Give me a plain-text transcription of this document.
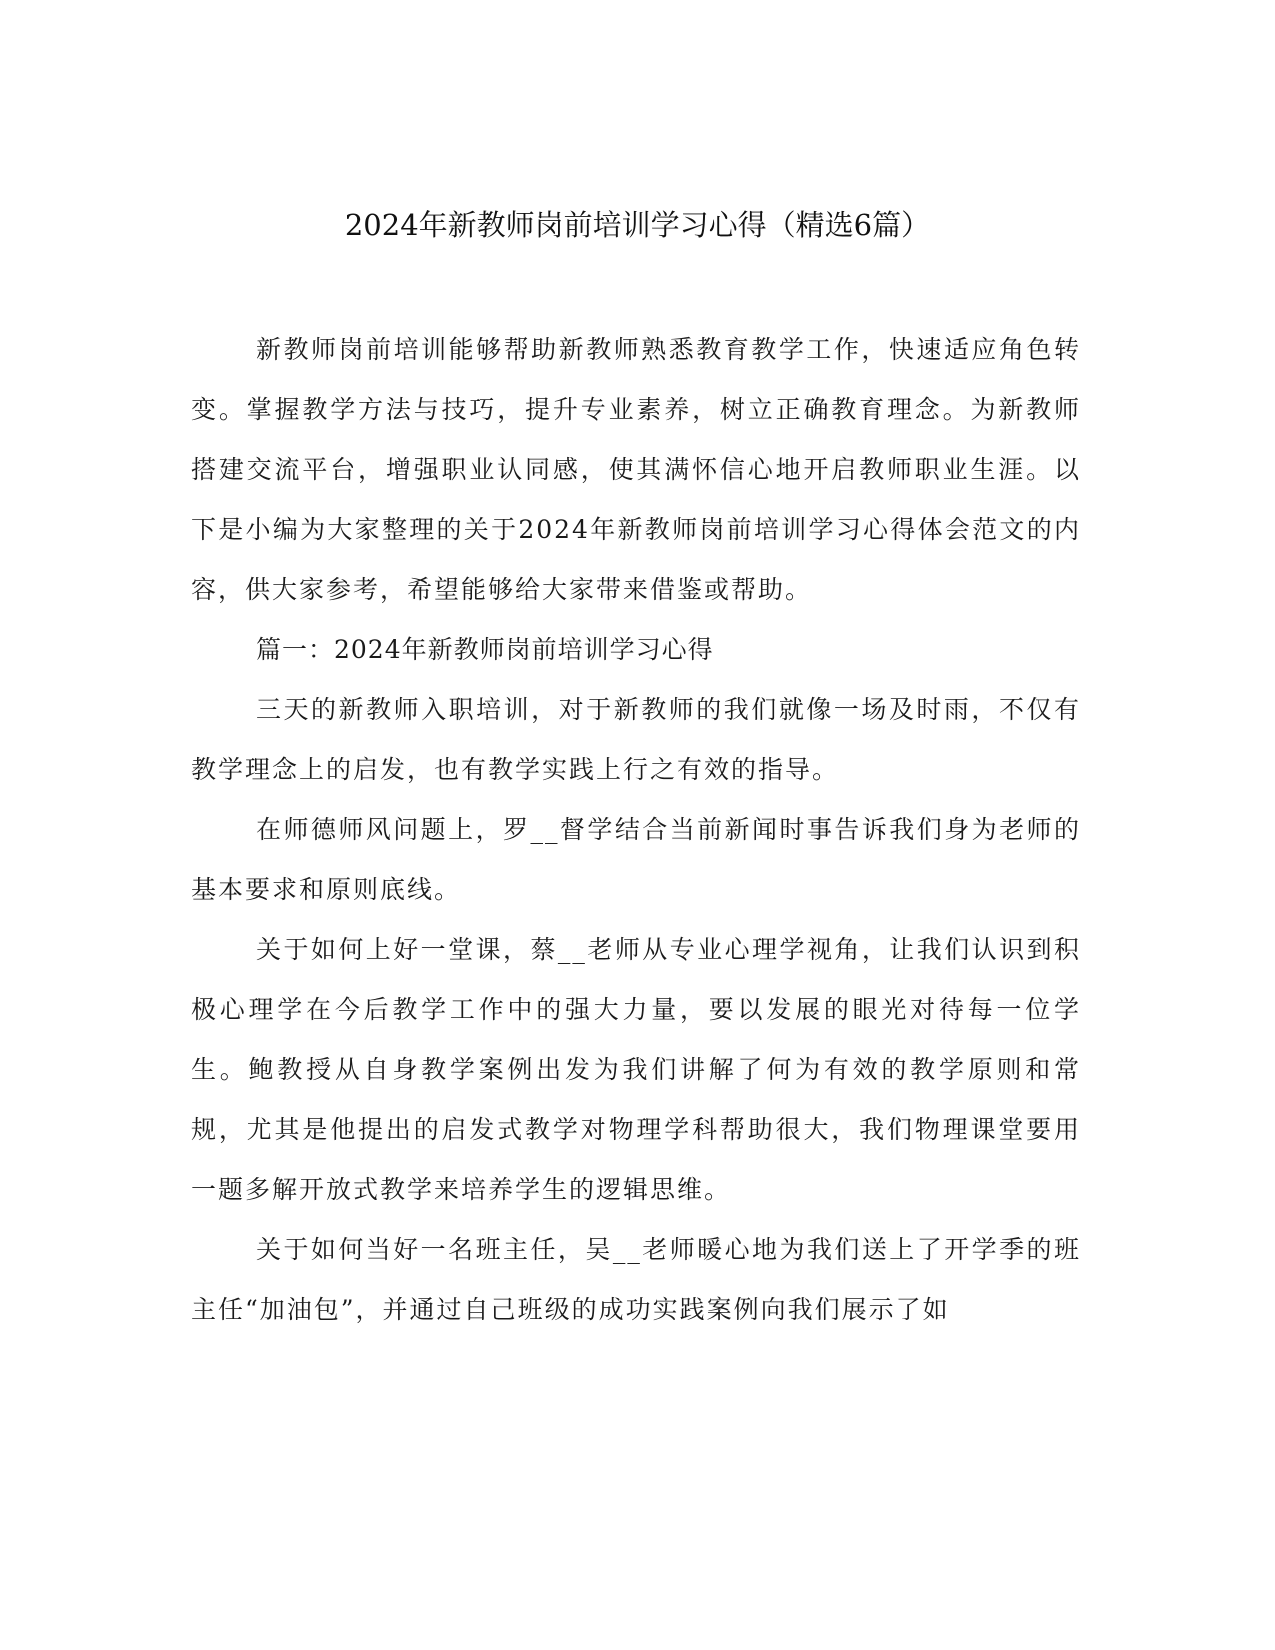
2024年新教师岗前培训学习心得（精选6篇）

新教师岗前培训能够帮助新教师熟悉教育教学工作，快速适应角色转变。掌握教学方法与技巧，提升专业素养，树立正确教育理念。为新教师搭建交流平台，增强职业认同感，使其满怀信心地开启教师职业生涯。以下是小编为大家整理的关于2024年新教师岗前培训学习心得体会范文的内容，供大家参考，希望能够给大家带来借鉴或帮助。

篇一：2024年新教师岗前培训学习心得

三天的新教师入职培训，对于新教师的我们就像一场及时雨，不仅有教学理念上的启发，也有教学实践上行之有效的指导。

在师德师风问题上，罗__督学结合当前新闻时事告诉我们身为老师的基本要求和原则底线。

关于如何上好一堂课，蔡__老师从专业心理学视角，让我们认识到积极心理学在今后教学工作中的强大力量，要以发展的眼光对待每一位学生。鲍教授从自身教学案例出发为我们讲解了何为有效的教学原则和常规，尤其是他提出的启发式教学对物理学科帮助很大，我们物理课堂要用一题多解开放式教学来培养学生的逻辑思维。

关于如何当好一名班主任，吴__老师暖心地为我们送上了开学季的班主任“加油包”，并通过自己班级的成功实践案例向我们展示了如
